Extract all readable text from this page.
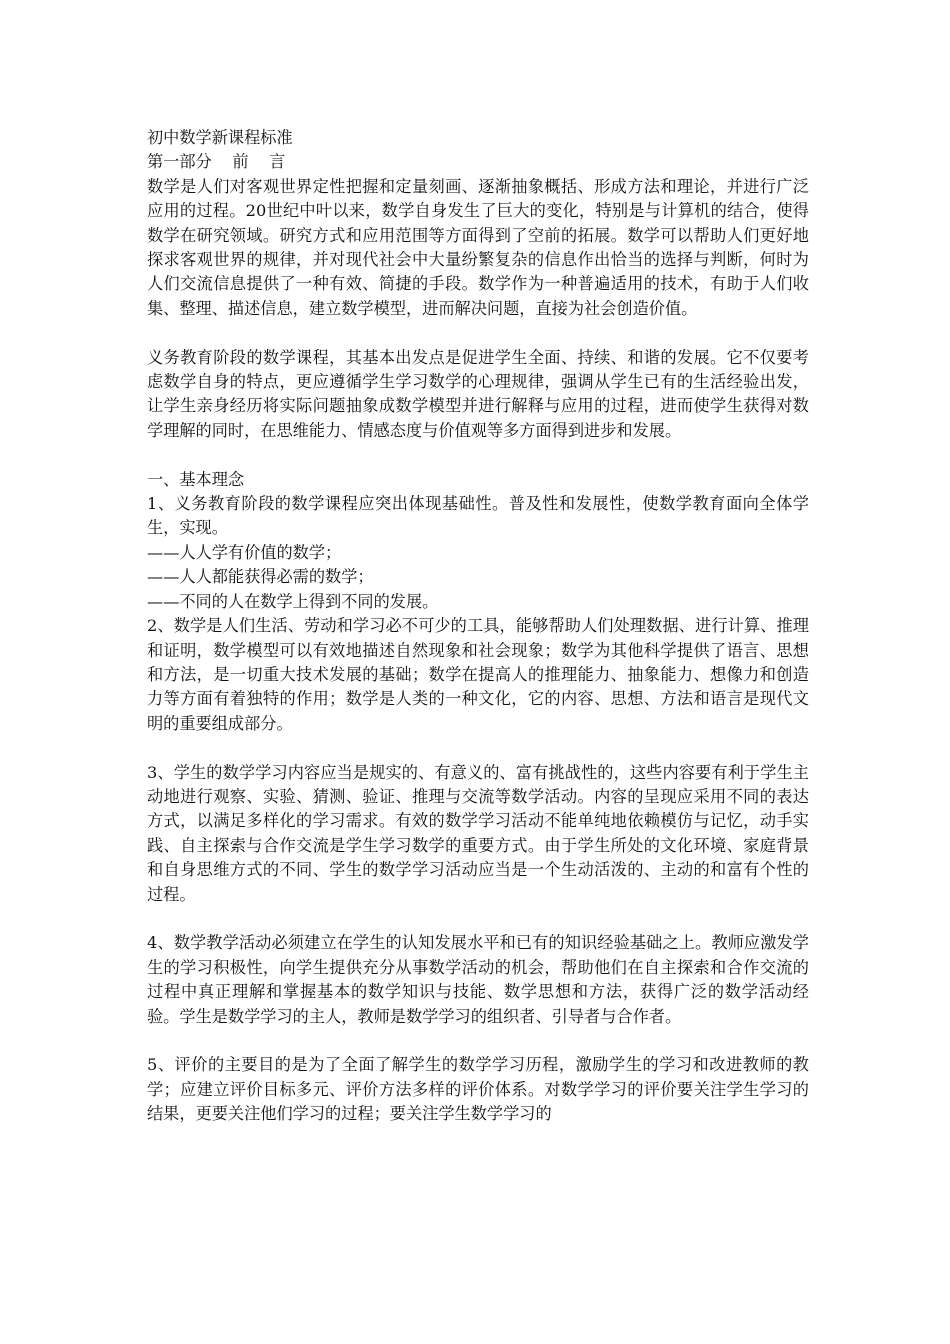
初中数学新课程标准
第一部分    前    言

数学是人们对客观世界定性把握和定量刻画、逐渐抽象概括、形成方法和理论，并进行广泛应用的过程。20世纪中叶以来，数学自身发生了巨大的变化，特别是与计算机的结合，使得数学在研究领域。研究方式和应用范围等方面得到了空前的拓展。数学可以帮助人们更好地探求客观世界的规律，并对现代社会中大量纷繁复杂的信息作出恰当的选择与判断，何时为人们交流信息提供了一种有效、简捷的手段。数学作为一种普遍适用的技术，有助于人们收集、整理、描述信息，建立数学模型，进而解决问题，直接为社会创造价值。

义务教育阶段的数学课程，其基本出发点是促进学生全面、持续、和谐的发展。它不仅要考虑数学自身的特点，更应遵循学生学习数学的心理规律，强调从学生已有的生活经验出发，让学生亲身经历将实际问题抽象成数学模型并进行解释与应用的过程，进而使学生获得对数学理解的同时，在思维能力、情感态度与价值观等多方面得到进步和发展。

一、基本理念

1、义务教育阶段的数学课程应突出体现基础性。普及性和发展性，使数学教育面向全体学生，实现。

——人人学有价值的数学；
——人人都能获得必需的数学；
——不同的人在数学上得到不同的发展。

2、数学是人们生活、劳动和学习必不可少的工具，能够帮助人们处理数据、进行计算、推理和证明，数学模型可以有效地描述自然现象和社会现象；数学为其他科学提供了语言、思想和方法，是一切重大技术发展的基础；数学在提高人的推理能力、抽象能力、想像力和创造力等方面有着独特的作用；数学是人类的一种文化，它的内容、思想、方法和语言是现代文明的重要组成部分。

3、学生的数学学习内容应当是规实的、有意义的、富有挑战性的，这些内容要有利于学生主动地进行观察、实验、猜测、验证、推理与交流等数学活动。内容的呈现应采用不同的表达方式，以满足多样化的学习需求。有效的数学学习活动不能单纯地依赖模仿与记忆，动手实践、自主探索与合作交流是学生学习数学的重要方式。由于学生所处的文化环境、家庭背景和自身思维方式的不同、学生的数学学习活动应当是一个生动活泼的、主动的和富有个性的过程。

4、数学教学活动必须建立在学生的认知发展水平和已有的知识经验基础之上。教师应激发学生的学习积极性，向学生提供充分从事数学活动的机会，帮助他们在自主探索和合作交流的过程中真正理解和掌握基本的数学知识与技能、数学思想和方法，获得广泛的数学活动经验。学生是数学学习的主人，教师是数学学习的组织者、引导者与合作者。

5、评价的主要目的是为了全面了解学生的数学学习历程，激励学生的学习和改进教师的教学；应建立评价目标多元、评价方法多样的评价体系。对数学学习的评价要关注学生学习的结果，更要关注他们学习的过程；要关注学生数学学习的
